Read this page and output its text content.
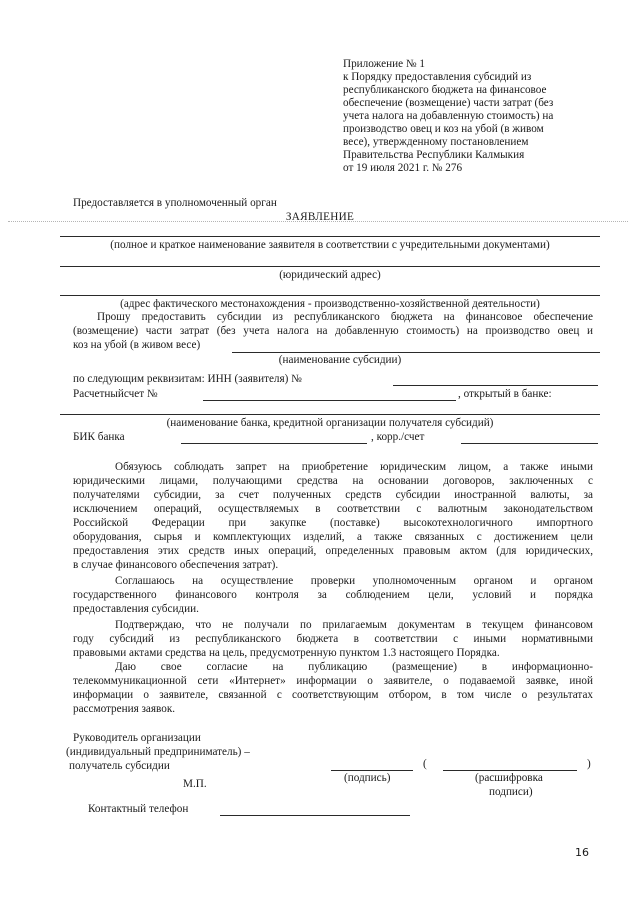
Приложение № 1
к Порядку предоставления субсидий из
республиканского бюджета на финансовое
обеспечение (возмещение) части затрат (без
учета налога на добавленную стоимость) на
производство овец и коз на убой (в живом
весе), утвержденному постановлением
Правительства Республики Калмыкия
от 19 июля 2021 г. № 276
Предоставляется в уполномоченный орган
ЗАЯВЛЕНИЕ
(полное и краткое наименование заявителя в соответствии с учредительными документами)
(юридический адрес)
(адрес фактического местонахождения - производственно-хозяйственной деятельности)
Прошу предоставить субсидии из республиканского бюджета на финансовое обеспечение
(возмещение) части затрат (без учета налога на добавленную стоимость) на производство овец и
коз на убой (в живом весе)
(наименование субсидии)
по следующим реквизитам: ИНН (заявителя) №
Расчетныйсчет №	, открытый в банке:
(наименование банка, кредитной организации получателя субсидий)
БИК банка	, корр./счет
Обязуюсь соблюдать запрет на приобретение юридическим лицом, а также иными
юридическими лицами, получающими средства на основании договоров, заключенных с
получателями субсидии, за счет полученных средств субсидии иностранной валюты, за
исключением операций, осуществляемых в соответствии с валютным законодательством
Российской Федерации при закупке (поставке) высокотехнологичного импортного
оборудования, сырья и комплектующих изделий, а также связанных с достижением цели
предоставления этих средств иных операций, определенных правовым актом (для юридических,
в случае финансового обеспечения затрат).
Соглашаюсь на осуществление проверки уполномоченным органом и органом
государственного финансового контроля за соблюдением цели, условий и порядка
предоставления субсидии.
Подтверждаю, что не получали по прилагаемым документам в текущем финансовом
году субсидий из республиканского бюджета в соответствии с иными нормативными
правовыми актами средства на цель, предусмотренную пунктом 1.3 настоящего Порядка.
Даю свое согласие на публикацию (размещение) в информационно-
телекоммуникационной сети «Интернет» информации о заявителе, о подаваемой заявке, иной
информации о заявителе, связанной с соответствующим отбором, в том числе о результатах
рассмотрения заявок.
Руководитель организации
(индивидуальный предприниматель) –
получатель субсидии	(	)
(подпись)	(расшифровка
подписи)
М.П.
Контактный телефон
16
